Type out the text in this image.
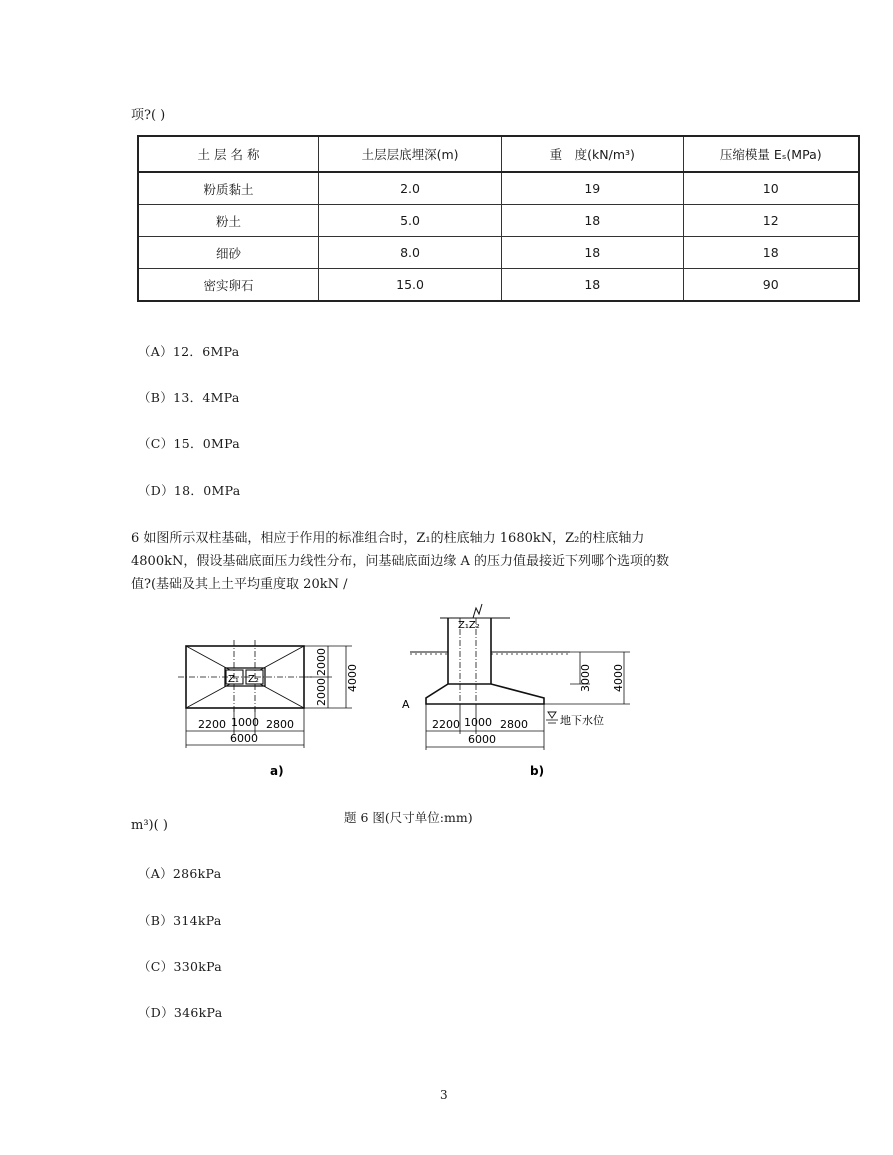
项?( )
土 层 名 称	土层层底埋深(m)	重　度(kN/m³)	压缩模量 Eₛ(MPa)
粉质黏土	2.0	19	10
粉土	5.0	18	12
细砂	8.0	18	18
密实卵石	15.0	18	90
（A）12．6MPa
（B）13．4MPa
（C）15．0MPa
（D）18．0MPa
6 如图所示双柱基础，相应于作用的标准组合时，Z₁的柱底轴力 1680kN，Z₂的柱底轴力
4800kN，假设基础底面压力线性分布，问基础底面边缘 A 的压力值最接近下列哪个选项的数
值?(基础及其上土平均重度取 20kN /
Z₁ Z₂
2200 1000 2800
6000
2000
2000 4000
a)
Z₁Z₂
A
2200 1000 2800
6000
3000 4000
地下水位
b)
题 6 图(尺寸单位:mm)
m³)( )
（A）286kPa
（B）314kPa
（C）330kPa
（D）346kPa
3
